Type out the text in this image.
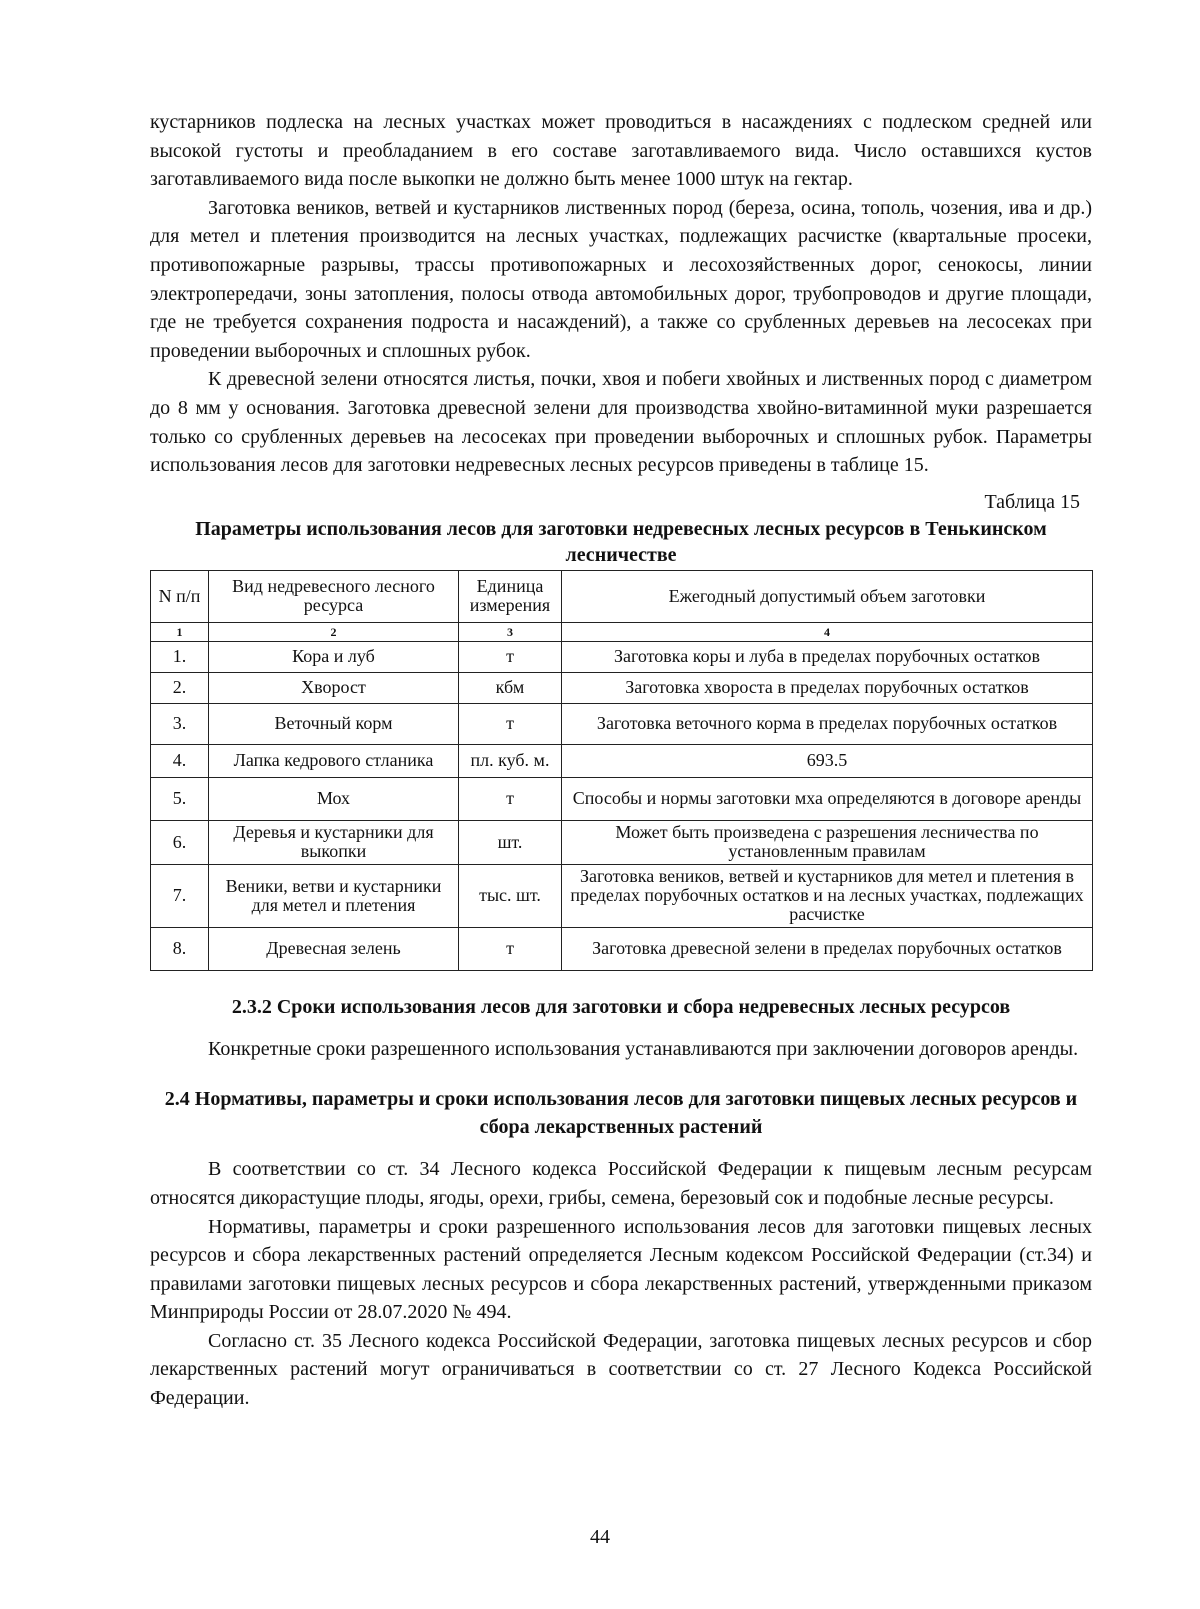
кустарников подлеска на лесных участках может проводиться в насаждениях с подлеском средней или высокой густоты и преобладанием в его составе заготавливаемого вида. Число оставшихся кустов заготавливаемого вида после выкопки не должно быть менее 1000 штук на гектар.

Заготовка веников, ветвей и кустарников лиственных пород (береза, осина, тополь, чозения, ива и др.) для метел и плетения производится на лесных участках, подлежащих расчистке (квартальные просеки, противопожарные разрывы, трассы противопожарных и лесохозяйственных дорог, сенокосы, линии электропередачи, зоны затопления, полосы отвода автомобильных дорог, трубопроводов и другие площади, где не требуется сохранения подроста и насаждений), а также со срубленных деревьев на лесосеках при проведении выборочных и сплошных рубок.

К древесной зелени относятся листья, почки, хвоя и побеги хвойных и лиственных пород с диаметром до 8 мм у основания. Заготовка древесной зелени для производства хвойно-витаминной муки разрешается только со срубленных деревьев на лесосеках при проведении выборочных и сплошных рубок. Параметры использования лесов для заготовки недревесных лесных ресурсов приведены в таблице 15.

Таблица 15

Параметры использования лесов для заготовки недревесных лесных ресурсов в Тенькинском лесничестве

N п/п	Вид недревесного лесного ресурса	Единица измерения	Ежегодный допустимый объем заготовки
1	2	3	4
1.	Кора и луб	т	Заготовка коры и луба в пределах порубочных остатков
2.	Хворост	кбм	Заготовка хвороста в пределах порубочных остатков
3.	Веточный корм	т	Заготовка веточного корма в пределах порубочных остатков
4.	Лапка кедрового стланика	пл. куб. м.	693.5
5.	Мох	т	Способы и нормы заготовки мха определяются в договоре аренды
6.	Деревья и кустарники для выкопки	шт.	Может быть произведена с разрешения лесничества по установленным правилам
7.	Веники, ветви и кустарники для метел и плетения	тыс. шт.	Заготовка веников, ветвей и кустарников для метел и плетения в пределах порубочных остатков и на лесных участках, подлежащих расчистке
8.	Древесная зелень	т	Заготовка древесной зелени в пределах порубочных остатков

2.3.2 Сроки использования лесов для заготовки и сбора недревесных лесных ресурсов

Конкретные сроки разрешенного использования устанавливаются при заключении договоров аренды.

2.4 Нормативы, параметры и сроки использования лесов для заготовки пищевых лесных ресурсов и сбора лекарственных растений

В соответствии со ст. 34 Лесного кодекса Российской Федерации к пищевым лесным ресурсам относятся дикорастущие плоды, ягоды, орехи, грибы, семена, березовый сок и подобные лесные ресурсы.

Нормативы, параметры и сроки разрешенного использования лесов для заготовки пищевых лесных ресурсов и сбора лекарственных растений определяется Лесным кодексом Российской Федерации (ст.34) и правилами заготовки пищевых лесных ресурсов и сбора лекарственных растений, утвержденными приказом Минприроды России от 28.07.2020 № 494.

Согласно ст. 35 Лесного кодекса Российской Федерации, заготовка пищевых лесных ресурсов и сбор лекарственных растений могут ограничиваться в соответствии со ст. 27 Лесного Кодекса Российской Федерации.

44
